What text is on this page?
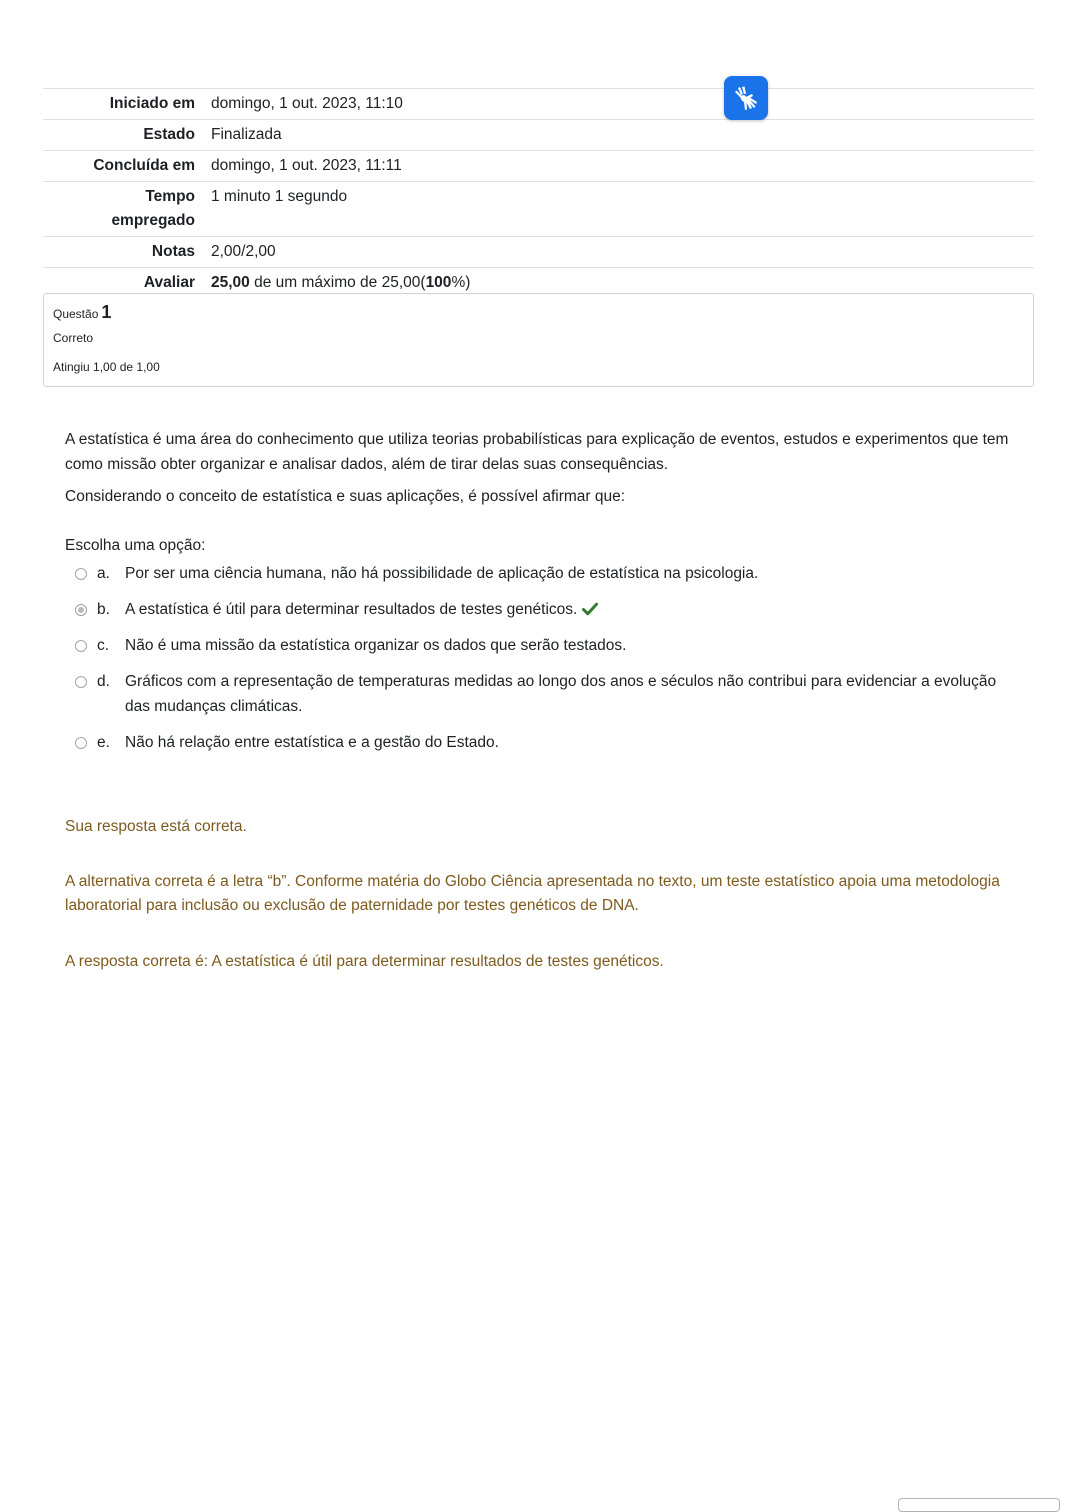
Iniciado em	domingo, 1 out. 2023, 11:10
Estado	Finalizada
Concluída em	domingo, 1 out. 2023, 11:11
Tempo empregado	1 minuto 1 segundo
Notas	2,00/2,00
Avaliar	25,00 de um máximo de 25,00(100%)
Questão 1
Correto
Atingiu 1,00 de 1,00

A estatística é uma área do conhecimento que utiliza teorias probabilísticas para explicação de eventos, estudos e experimentos que tem como missão obter organizar e analisar dados, além de tirar delas suas consequências.

Considerando o conceito de estatística e suas aplicações, é possível afirmar que:

Escolha uma opção:
a. Por ser uma ciência humana, não há possibilidade de aplicação de estatística na psicologia.
b. A estatística é útil para determinar resultados de testes genéticos.
c.	Não é uma missão da estatística organizar os dados que serão testados.
d. Gráficos com a representação de temperaturas medidas ao longo dos anos e séculos não contribui para evidenciar a evolução das mudanças climáticas.
e. Não há relação entre estatística e a gestão do Estado.

Sua resposta está correta.

A alternativa correta é a letra “b”. Conforme matéria do Globo Ciência apresentada no texto, um teste estatístico apoia uma metodologia laboratorial para inclusão ou exclusão de paternidade por testes genéticos de DNA.

A resposta correta é: A estatística é útil para determinar resultados de testes genéticos.
